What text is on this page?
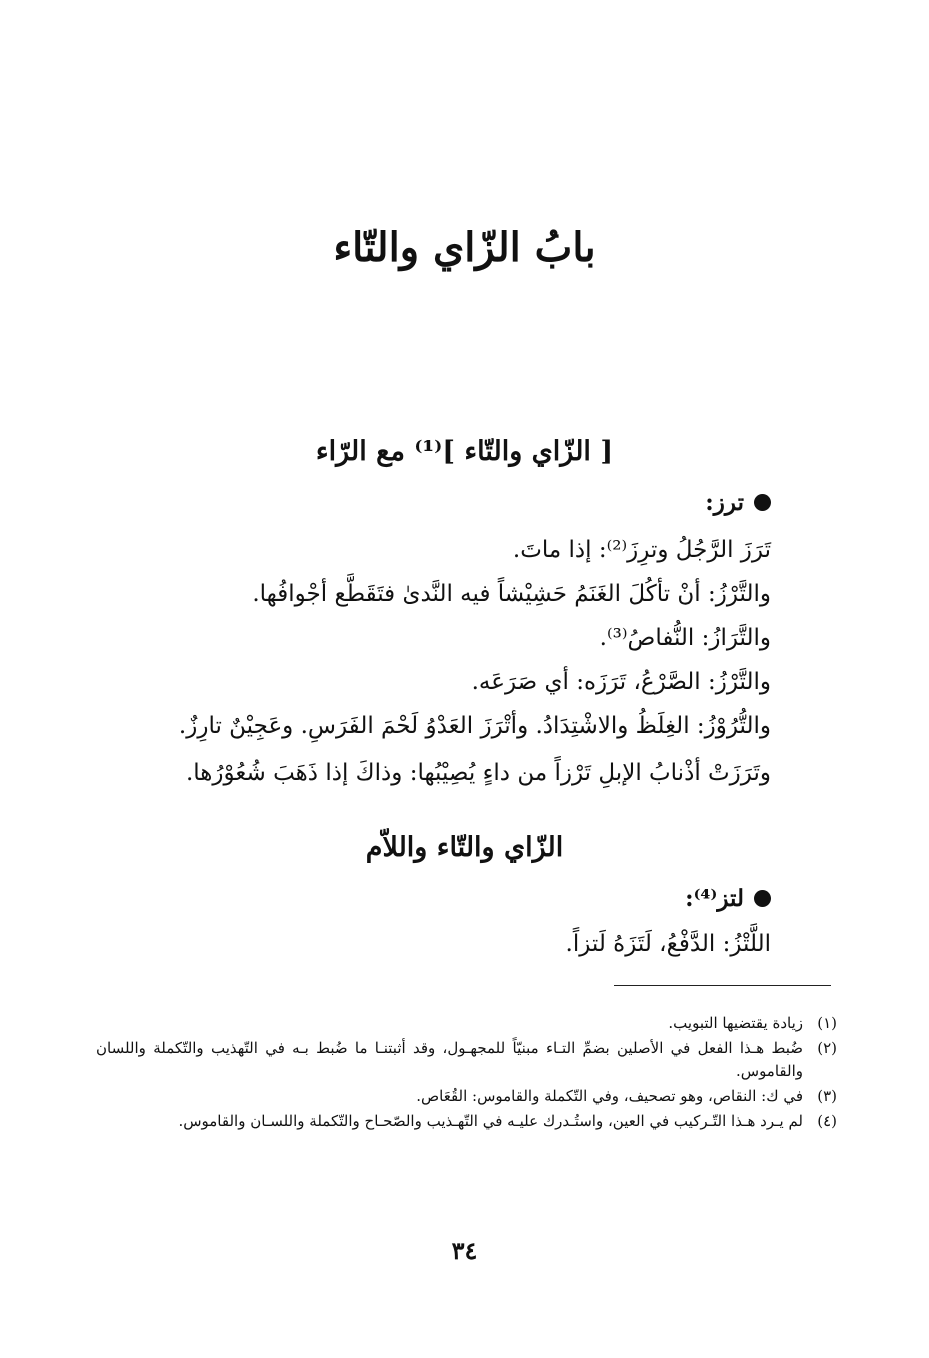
بابُ الزّاي والتّاء
[ الزّاي والتّاء ]⁽¹⁾ مع الرّاء
ترز:
تَرَزَ الرَّجُلُ وترِزَ⁽²⁾: إذا ماتَ.
والتَّرْزُ: أنْ تأكُلَ الغَنَمُ حَشِيْشاً فيه النَّدىٰ فتَقَطَّع أجْوافُها.
والتَّرَازُ: النُّفاصُ⁽³⁾.
والتَّرْزُ: الصَّرْعُ، تَرَزَه: أي صَرَعَه.
والتُّرُوْزُ: الغِلَظُ والاشْتِدَادُ. وأتْرَزَ العَدْوُ لَحْمَ الفَرَسِ. وعَجِيْنٌ تارِزٌ.
وتَرَزَتْ أذْنابُ الإبلِ تَرْزاً من داءٍ يُصِيْبُها: وذاكَ إذا ذَهَبَ شُعُوْرُها.
الزّاي والتّاء واللاّم
لتز⁽⁴⁾:
اللَّتْزُ: الدَّفْعُ، لَتَزَهُ لَتزاً.
(١)
زيادة يقتضيها التبويب.
(٢)
ضُبط هـذا الفعل في الأصلين بضمِّ التـاء مبنيّاً للمجهـول، وقد أثبتنـا ما ضُبط بـه في التّهذيب والتّكملة واللسان والقاموس.
(٣)
في ك: النقاص، وهو تصحيف، وفي التّكملة والقاموس: القُعَاص.
(٤)
لم يـرد هـذا التّـركيب في العين، واستُـدرك عليـه في التّهـذيب والصّحـاح والتّكملة واللسـان والقاموس.
٣٤
